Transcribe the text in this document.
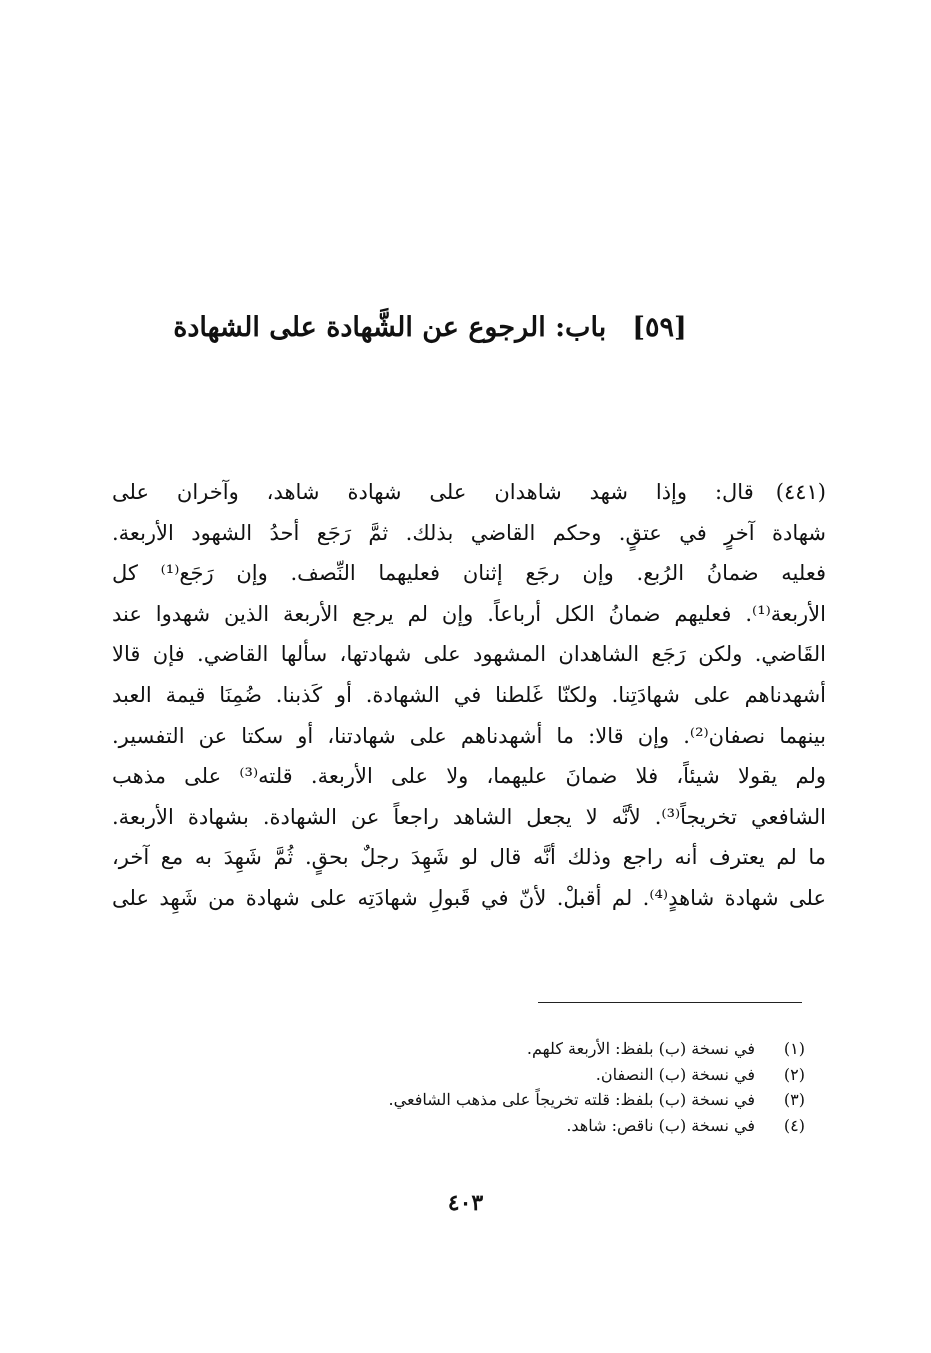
[٥٩]باب: الرجوع عن الشَّهادة على الشهادة
(٤٤١)قال: وإذا شهد شاهدان على شهادة شاهد، وآخران على
شهادة آخرٍ في عتقٍ. وحكم القاضي بذلك. ثمَّ رَجَع أحدُ الشهود الأربعة.
فعليه ضمانُ الرُبع. وإن رجَع إثنان فعليهما النِّصف. وإن رَجَع⁽¹⁾ كل
الأربعة⁽¹⁾. فعليهم ضمانُ الكل أرباعاً. وإن لم يرجع الأربعة الذين شهدوا عند
القَاضي. ولكن رَجَع الشاهدان المشهود على شهادتها، سألها القاضي. فإن قالا
أشهدناهم على شهادَتِنا. ولكنّا غَلطنا في الشهادة. أو كَذبنا. ضُمِنَا قيمة العبد
بينهما نصفان⁽²⁾. وإن قالا: ما أشهدناهم على شهادتنا، أو سكتا عن التفسير.
ولم يقولا شيئاً، فلا ضمانَ عليهما، ولا على الأربعة. قلته⁽³⁾ على مذهب
الشافعي تخريجاً⁽³⁾. لأنَّه لا يجعل الشاهد راجعاً عن الشهادة. بشهادة الأربعة.
ما لم يعترف أنه راجع وذلك أنَّه قال لو شَهِدَ رجلٌ بحقٍ. ثُمَّ شَهِدَ به مع آخر،
على شهادة شاهدٍ⁽⁴⁾. لم أقبلْ. لأنّ في قَبولِ شهادَتِه على شهادة من شَهِد على
(١)في نسخة (ب) بلفظ: الأربعة كلهم.
(٢)في نسخة (ب) النصفان.
(٣)في نسخة (ب) بلفظ: قلته تخريجاً على مذهب الشافعي.
(٤)في نسخة (ب) ناقص: شاهد.
٤٠٣
